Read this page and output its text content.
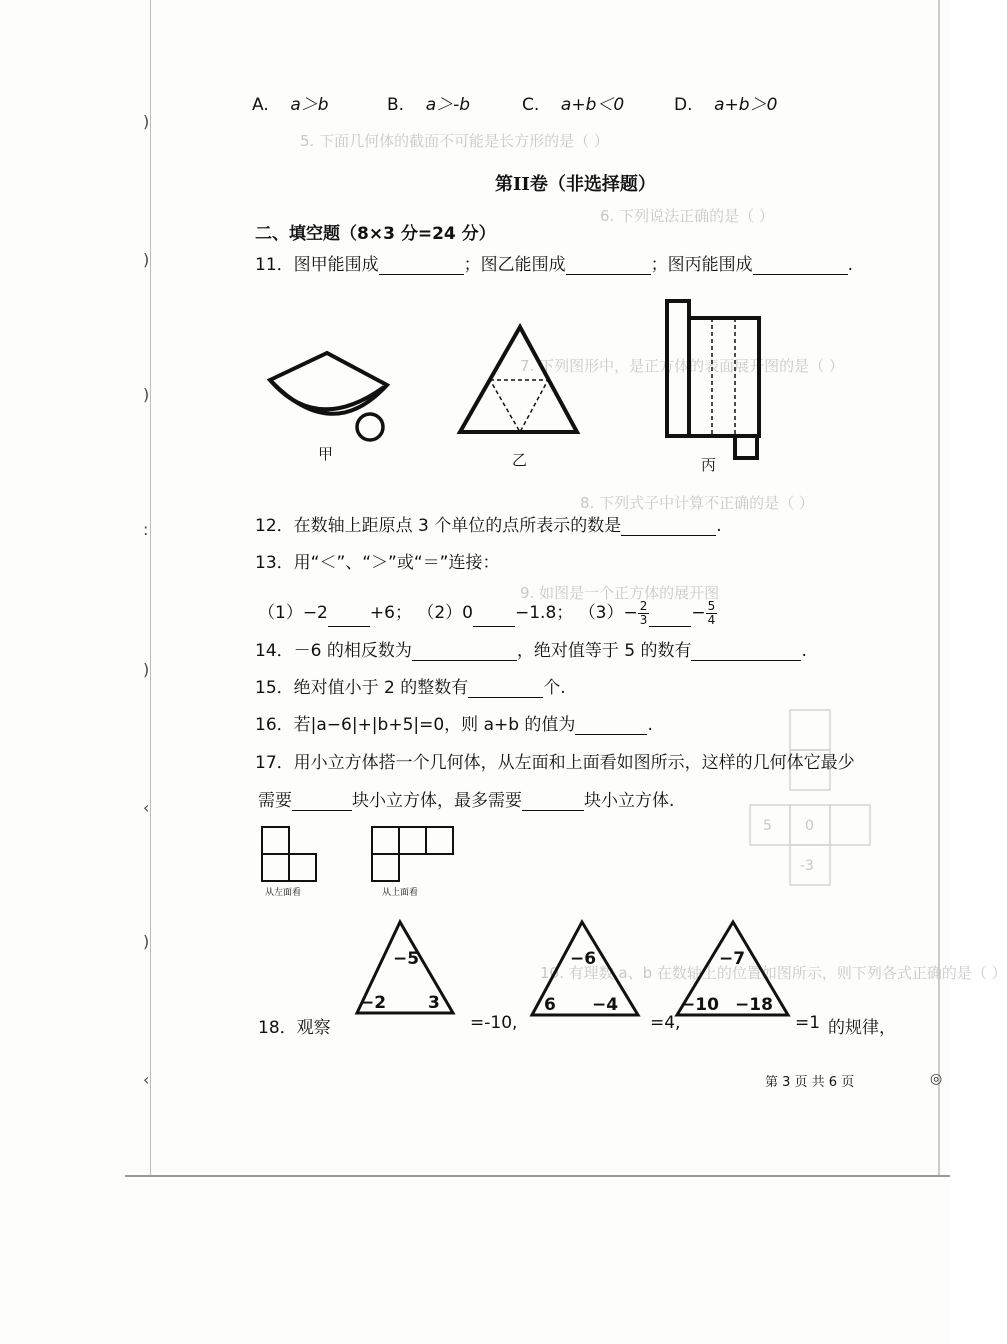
)
)
)
:
)
‹
)
‹
5. 下面几何体的截面不可能是长方形的是（ ）
6. 下列说法正确的是（ ）
7. 下列图形中，是正方体的表面展开图的是（ ）
8. 下列式子中计算不正确的是（ ）
9. 如图是一个正方体的展开图
10. 有理数 a、b 在数轴上的位置如图所示，则下列各式正确的是（ ）
0
5
-3
A. a＞b	B. a＞-b	C. a+b＜0	D. a+b＞0
第II卷（非选择题）
二、填空题（8×3 分=24 分）
11．图甲能围成	；图乙能围成	；图丙能围成	.
甲	乙	丙
12．在数轴上距原点 3 个单位的点所表示的数是	.
13．用“＜”、“＞”或“＝”连接：
（1）−2 +6； （2）0 −1.8； $(3)- \frac{2}{3} - \frac{5}{4}$
14．－6 的相反数为	，绝对值等于 5 的数有	.
15．绝对值小于 2 的整数有	个.
16．若|a−6|+|b+5|=0，则 a+b 的值为	.
17．用小立方体搭一个几何体，从左面和上面看如图所示，这样的几何体它最少
需要	块小立方体，最多需要	块小立方体.
从左面看	从上面看
−5
−2 3
−6
6 −4
−7
−10 −18
18．观察	=-10,	=4,	=1 的规律，
第 3 页 共 6 页	◎
